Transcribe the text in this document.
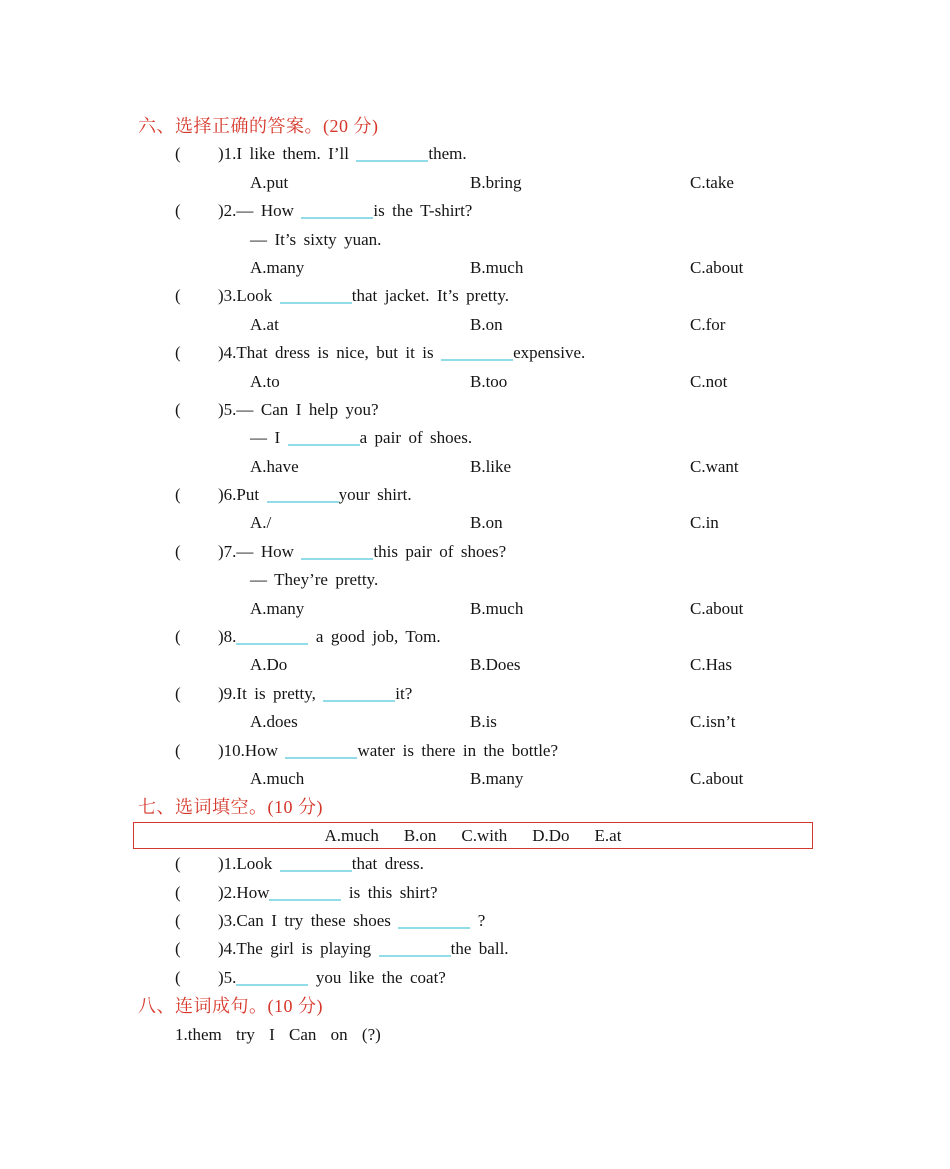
六、选择正确的答案。(20 分)
( )1.I like them. I’ll	them.
A.put	B.bring	C.take
( )2.— How	is the T-shirt?
— It’s sixty yuan.
A.many	B.much	C.about
( )3.Look	that jacket. It’s pretty.
A.at	B.on	C.for
( )4.That dress is nice, but it is	expensive.
A.to	B.too	C.not
( )5.— Can I help you?
— I	a pair of shoes.
A.have	B.like	C.want
( )6.Put	your shirt.
A./	B.on	C.in
( )7.— How	this pair of shoes?
— They’re pretty.
A.many	B.much	C.about
( )8.	a good job, Tom.
A.Do	B.Does	C.Has
( )9.It is pretty,	it?
A.does	B.is	C.isn’t
( )10.How	water is there in the bottle?
A.much	B.many	C.about
七、选词填空。(10 分)
A.much B.on C.with D.Do E.at
( )1.Look	that dress.
( )2.How	is this shirt?
( )3.Can I try these shoes	?
( )4.The girl is playing	the ball.
( )5.	you like the coat?
八、连词成句。(10 分)
1.them try I Can on (?)
